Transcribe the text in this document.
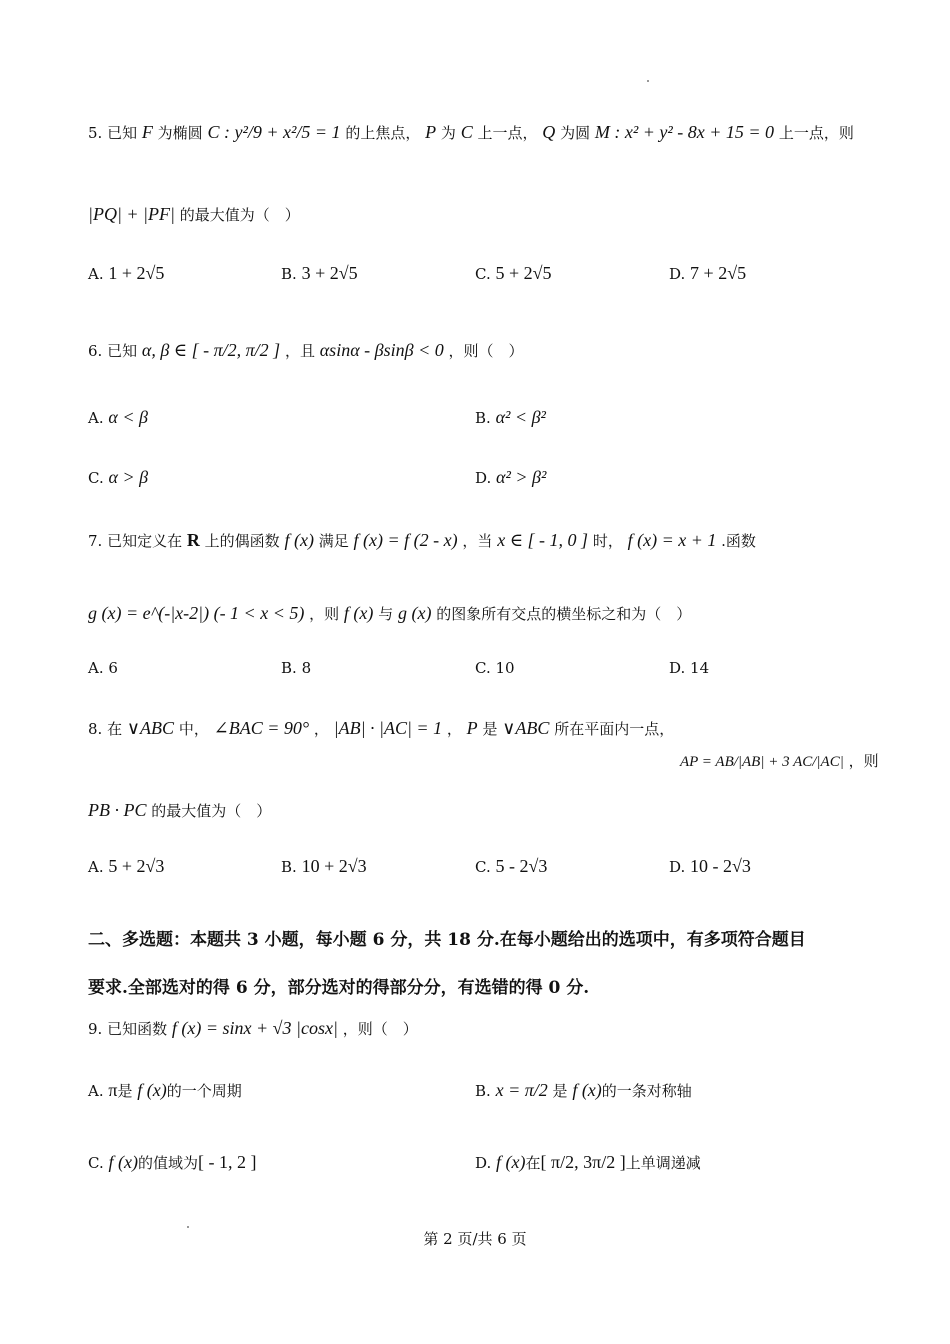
5. 已知 F 为椭圆 C : y²/9 + x²/5 = 1 的上焦点， P 为 C 上一点， Q 为圆 M : x² + y² - 8x + 15 = 0 上一点，则
|PQ| + |PF| 的最大值为（　）
A. 1 + 2√5	B. 3 + 2√5	C. 5 + 2√5	D. 7 + 2√5
6. 已知 α, β ∈ [ - π/2, π/2 ] ，且 αsinα - βsinβ < 0 ，则（　）
A. α < β	B. α² < β²
C. α > β	D. α² > β²
7. 已知定义在 R 上的偶函数 f (x) 满足 f (x) = f (2 - x) ，当 x ∈ [ - 1, 0 ] 时， f (x) = x + 1 .函数
g (x) = e^(-|x-2|) (- 1 < x < 5) ，则 f (x) 与 g (x) 的图象所有交点的横坐标之和为（　）
A. 6	B. 8	C. 10	D. 14
8. 在 ∨ABC 中， ∠BAC = 90° ， |AB| · |AC| = 1 ， P 是 ∨ABC 所在平面内一点，
AP = AB/|AB| + 3 AC/|AC| ，则
PB · PC 的最大值为（　）
A. 5 + 2√3	B. 10 + 2√3	C. 5 - 2√3	D. 10 - 2√3
二、多选题：本题共 3 小题，每小题 6 分，共 18 分.在每小题给出的选项中，有多项符合题目
要求.全部选对的得 6 分，部分选对的得部分分，有选错的得 0 分.
9. 已知函数 f (x) = sinx + √3 |cosx| ，则（　）
A. π是 f (x)的一个周期	B. x = π/2 是 f (x)的一条对称轴
C. f (x)的值域为[ - 1, 2 ]	D. f (x)在[ π/2, 3π/2 ]上单调递减
第 2 页/共 6 页
